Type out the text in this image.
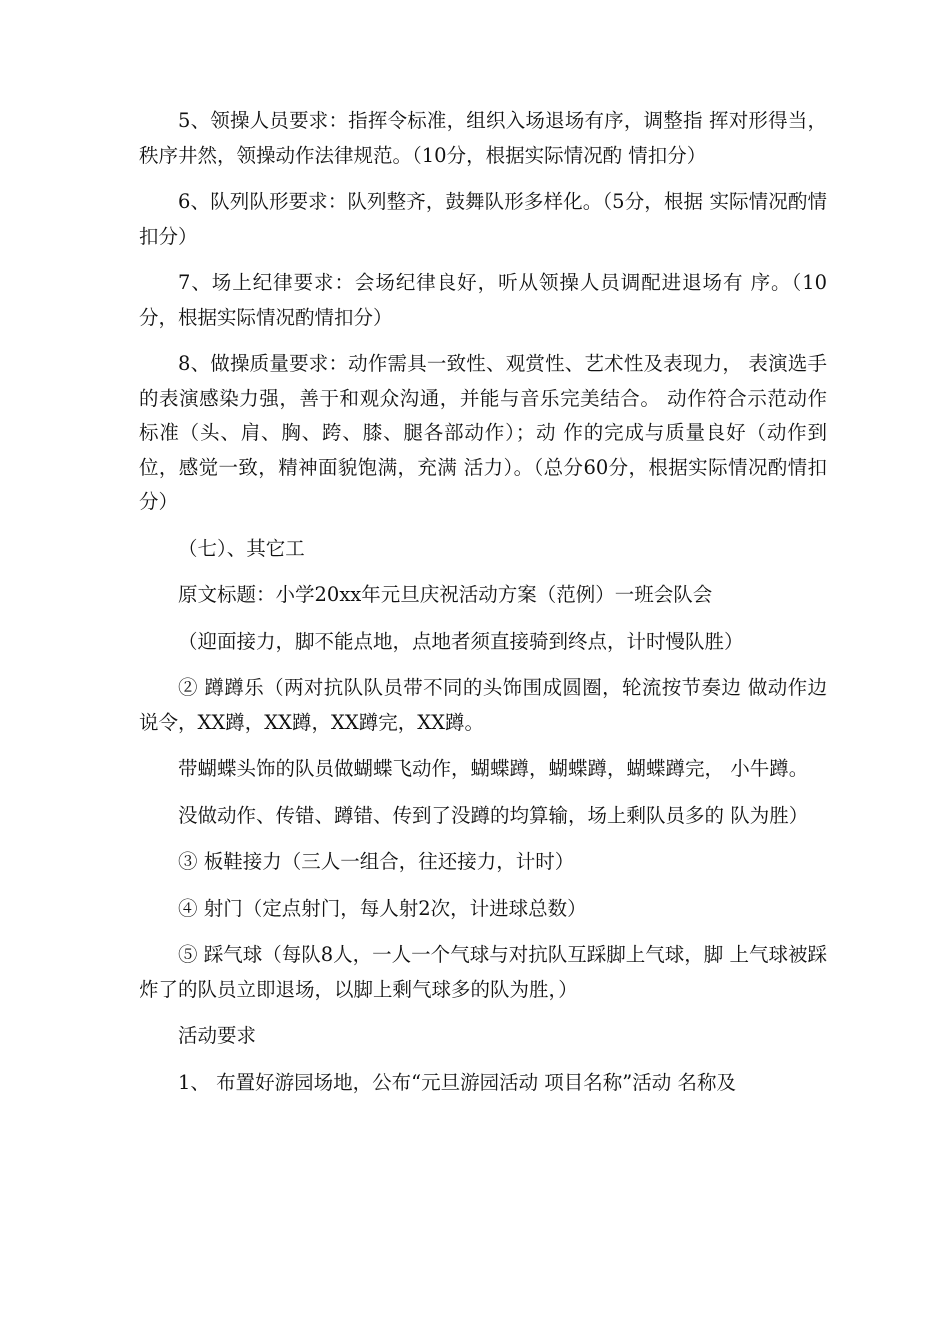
5、领操人员要求：指挥令标准，组织入场退场有序，调整指 挥对形得当，秩序井然，领操动作法律规范。（10分，根据实际情况酌 情扣分）

6、队列队形要求：队列整齐，鼓舞队形多样化。（5分，根据 实际情况酌情扣分）

7、场上纪律要求：会场纪律良好，听从领操人员调配进退场有 序。（10分，根据实际情况酌情扣分）

8、做操质量要求：动作需具一致性、观赏性、艺术性及表现力， 表演选手的表演感染力强，善于和观众沟通，并能与音乐完美结合。 动作符合示范动作标准（头、肩、胸、跨、膝、腿各部动作）；动 作的完成与质量良好（动作到位，感觉一致，精神面貌饱满，充满 活力）。（总分60分，根据实际情况酌情扣分）

（七）、其它工

原文标题：小学20xx年元旦庆祝活动方案（范例）一班会队会

（迎面接力，脚不能点地，点地者须直接骑到终点，计时慢队胜）

② 蹲蹲乐（两对抗队队员带不同的头饰围成圆圈，轮流按节奏边 做动作边说令，XX蹲，XX蹲，XX蹲完，XX蹲。

带蝴蝶头饰的队员做蝴蝶飞动作，蝴蝶蹲，蝴蝶蹲，蝴蝶蹲完， 小牛蹲。

没做动作、传错、蹲错、传到了没蹲的均算输，场上剩队员多的 队为胜）

③ 板鞋接力（三人一组合，往还接力，计时）

④ 射门（定点射门，每人射2次，计进球总数）

⑤ 踩气球（每队8人，一人一个气球与对抗队互踩脚上气球，脚 上气球被踩炸了的队员立即退场，以脚上剩气球多的队为胜，）

活动要求

1、 布置好游园场地，公布“元旦游园活动 项目名称”活动 名称及
